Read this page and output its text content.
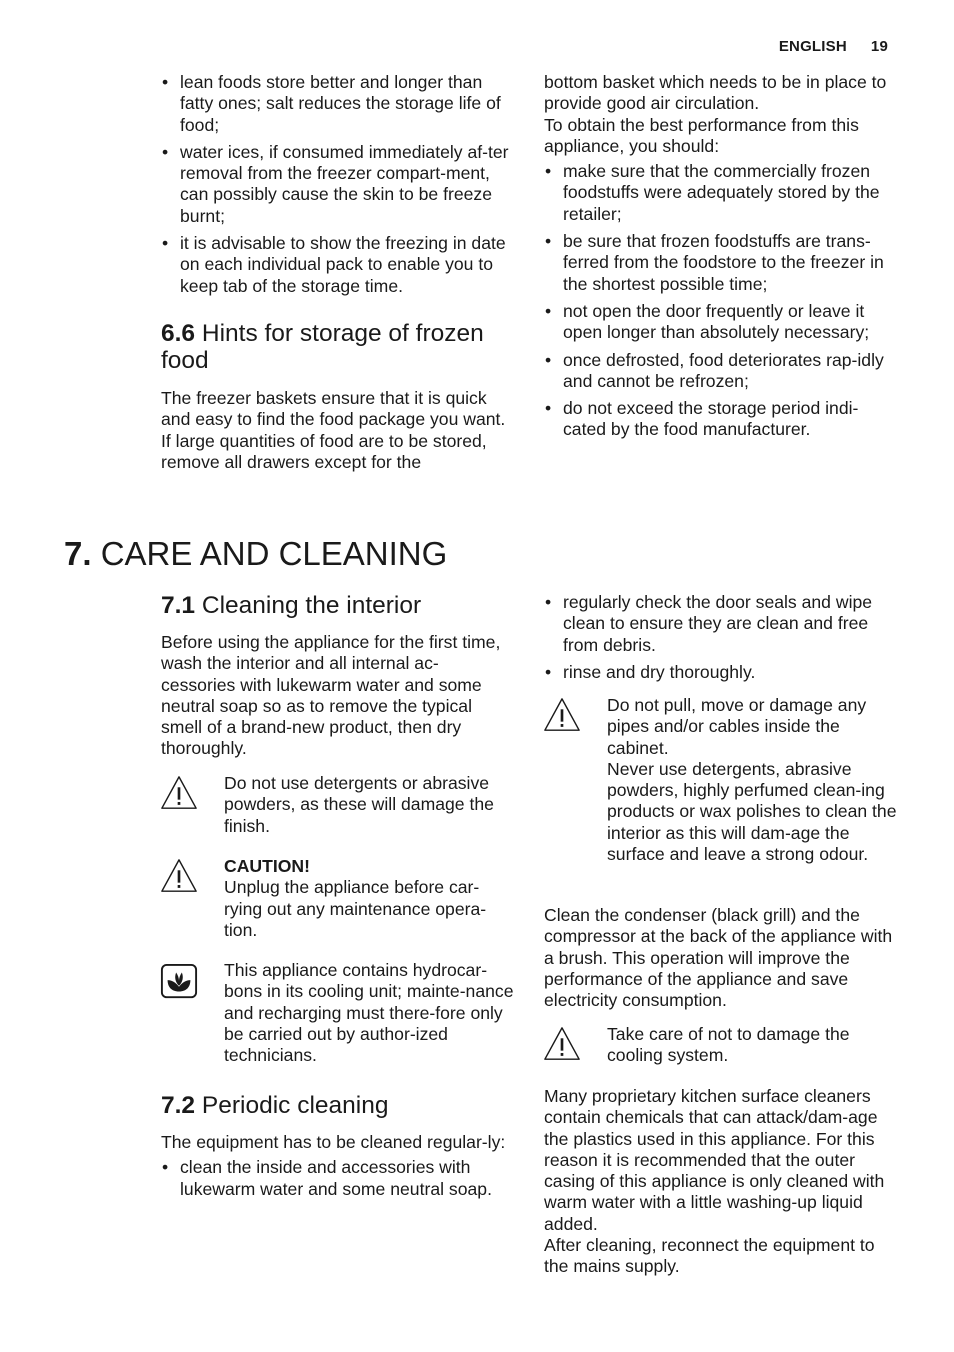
ENGLISH 19
• lean foods store better and longer than fatty ones; salt reduces the storage life of food;
• water ices, if consumed immediately af-ter removal from the freezer compart-ment, can possibly cause the skin to be freeze burnt;
• it is advisable to show the freezing in date on each individual pack to enable you to keep tab of the storage time.
6.6 Hints for storage of frozen food

The freezer baskets ensure that it is quick and easy to find the food package you want. If large quantities of food are to be stored, remove all drawers except for the

bottom basket which needs to be in place to provide good air circulation.

To obtain the best performance from this appliance, you should:

• make sure that the commercially frozen foodstuffs were adequately stored by the retailer;
• be sure that frozen foodstuffs are trans-ferred from the foodstore to the freezer in the shortest possible time;
• not open the door frequently or leave it open longer than absolutely necessary;
• once defrosted, food deteriorates rap-idly and cannot be refrozen;
• do not exceed the storage period indi-cated by the food manufacturer.
7. CARE AND CLEANING
7.1 Cleaning the interior

Before using the appliance for the first time, wash the interior and all internal ac-cessories with lukewarm water and some neutral soap so as to remove the typical smell of a brand-new product, then dry thoroughly.

Do not use detergents or abrasive powders, as these will damage the finish.

CAUTION!

Unplug the appliance before car-rying out any maintenance opera-tion.

This appliance contains hydrocar-bons in its cooling unit; mainte-nance and recharging must there-fore only be carried out by author-ized technicians.

7.2 Periodic cleaning

The equipment has to be cleaned regular-ly:

• clean the inside and accessories with lukewarm water and some neutral soap.
• regularly check the door seals and wipe clean to ensure they are clean and free from debris.
• rinse and dry thoroughly.

Do not pull, move or damage any pipes and/or cables inside the cabinet.

Never use detergents, abrasive powders, highly perfumed clean-ing products or wax polishes to clean the interior as this will dam-age the surface and leave a strong odour.

Clean the condenser (black grill) and the compressor at the back of the appliance with a brush. This operation will improve the performance of the appliance and save electricity consumption.

Take care of not to damage the cooling system.

Many proprietary kitchen surface cleaners contain chemicals that can attack/dam-age the plastics used in this appliance. For this reason it is recommended that the outer casing of this appliance is only cleaned with warm water with a little washing-up liquid added.

After cleaning, reconnect the equipment to the mains supply.
